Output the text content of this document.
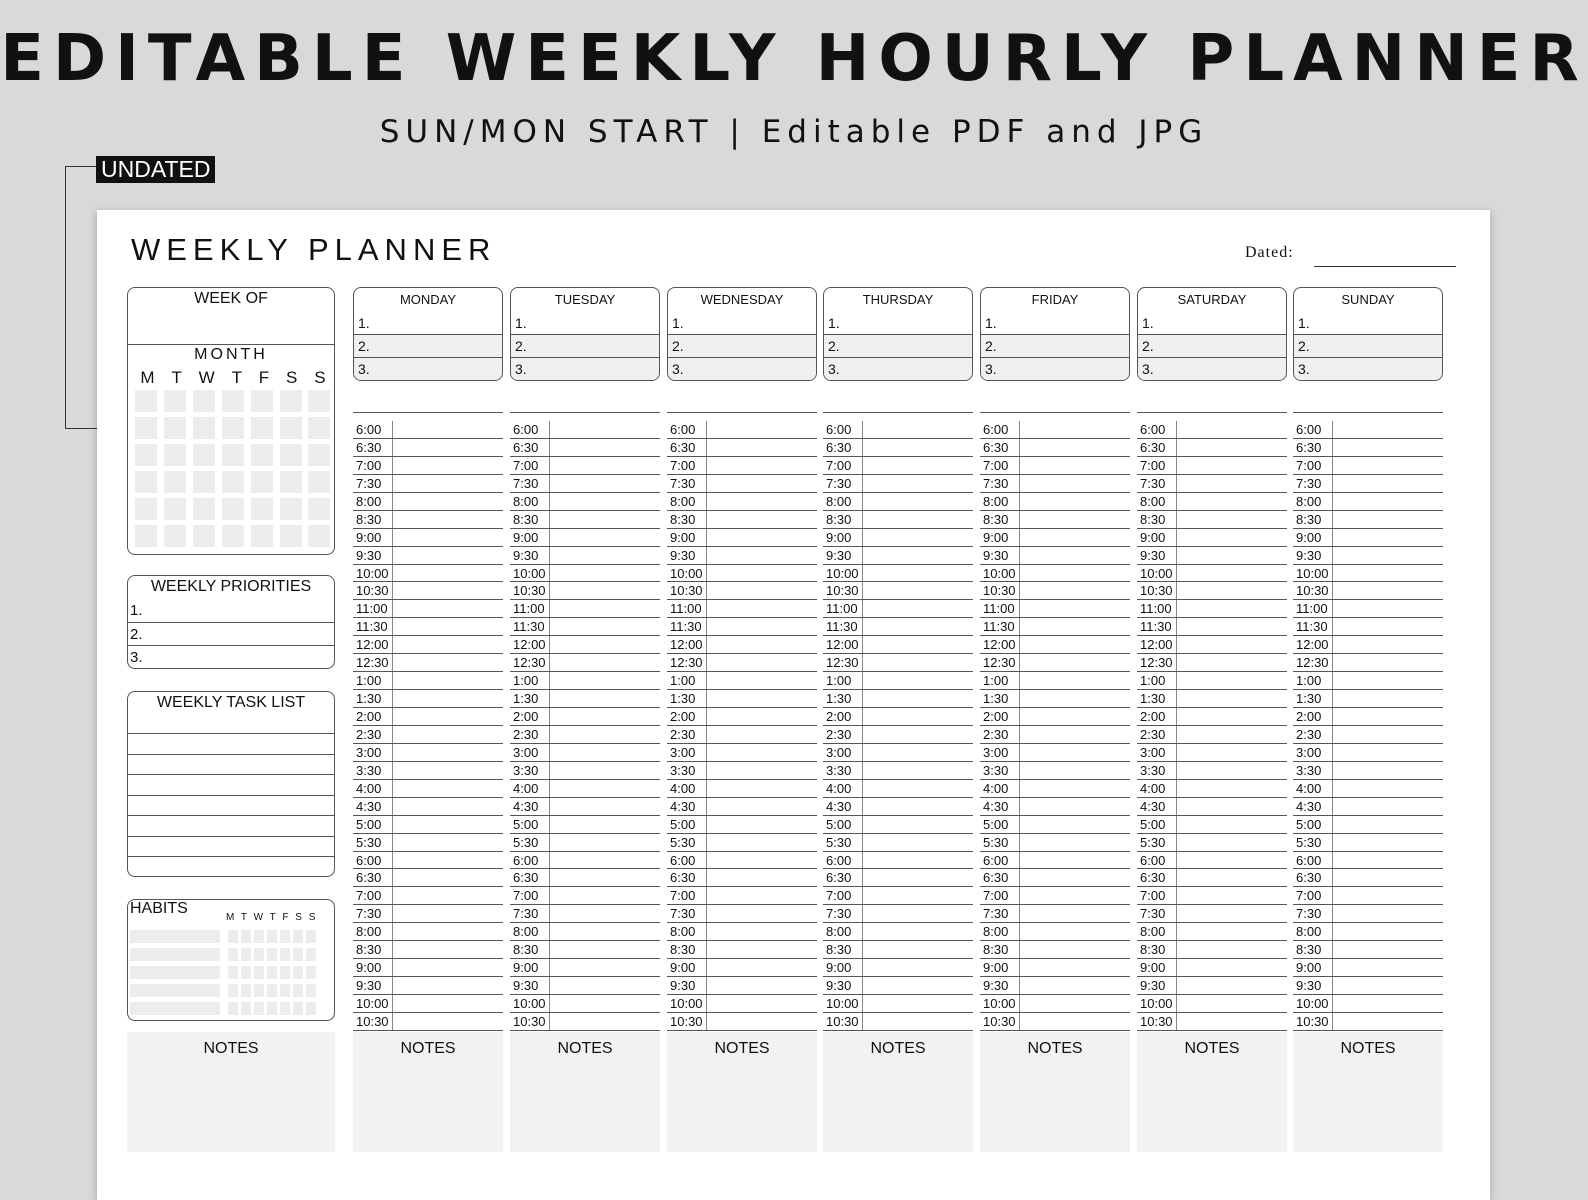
EDITABLE WEEKLY HOURLY PLANNER
SUN/MON START | Editable PDF and JPG
UNDATED
WEEKLY PLANNER	Dated:
WEEK OF
MONTH
M T W T F S S
WEEKLY PRIORITIES
1.
2.
3.
WEEKLY TASK LIST
HABITS
M T W T F S S
NOTES
MONDAY
1.
2.
3.
6:00
6:30
7:00
7:30
8:00
8:30
9:00
9:30
10:00
10:30
11:00
11:30
12:00
12:30
1:00
1:30
2:00
2:30
3:00
3:30
4:00
4:30
5:00
5:30
6:00
6:30
7:00
7:30
8:00
8:30
9:00
9:30
10:00
10:30
NOTES
TUESDAY
1.
2.
3.
6:00
6:30
7:00
7:30
8:00
8:30
9:00
9:30
10:00
10:30
11:00
11:30
12:00
12:30
1:00
1:30
2:00
2:30
3:00
3:30
4:00
4:30
5:00
5:30
6:00
6:30
7:00
7:30
8:00
8:30
9:00
9:30
10:00
10:30
NOTES
WEDNESDAY
1.
2.
3.
6:00
6:30
7:00
7:30
8:00
8:30
9:00
9:30
10:00
10:30
11:00
11:30
12:00
12:30
1:00
1:30
2:00
2:30
3:00
3:30
4:00
4:30
5:00
5:30
6:00
6:30
7:00
7:30
8:00
8:30
9:00
9:30
10:00
10:30
NOTES
THURSDAY
1.
2.
3.
6:00
6:30
7:00
7:30
8:00
8:30
9:00
9:30
10:00
10:30
11:00
11:30
12:00
12:30
1:00
1:30
2:00
2:30
3:00
3:30
4:00
4:30
5:00
5:30
6:00
6:30
7:00
7:30
8:00
8:30
9:00
9:30
10:00
10:30
NOTES
FRIDAY
1.
2.
3.
6:00
6:30
7:00
7:30
8:00
8:30
9:00
9:30
10:00
10:30
11:00
11:30
12:00
12:30
1:00
1:30
2:00
2:30
3:00
3:30
4:00
4:30
5:00
5:30
6:00
6:30
7:00
7:30
8:00
8:30
9:00
9:30
10:00
10:30
NOTES
SATURDAY
1.
2.
3.
6:00
6:30
7:00
7:30
8:00
8:30
9:00
9:30
10:00
10:30
11:00
11:30
12:00
12:30
1:00
1:30
2:00
2:30
3:00
3:30
4:00
4:30
5:00
5:30
6:00
6:30
7:00
7:30
8:00
8:30
9:00
9:30
10:00
10:30
NOTES
SUNDAY
1.
2.
3.
6:00
6:30
7:00
7:30
8:00
8:30
9:00
9:30
10:00
10:30
11:00
11:30
12:00
12:30
1:00
1:30
2:00
2:30
3:00
3:30
4:00
4:30
5:00
5:30
6:00
6:30
7:00
7:30
8:00
8:30
9:00
9:30
10:00
10:30
NOTES
